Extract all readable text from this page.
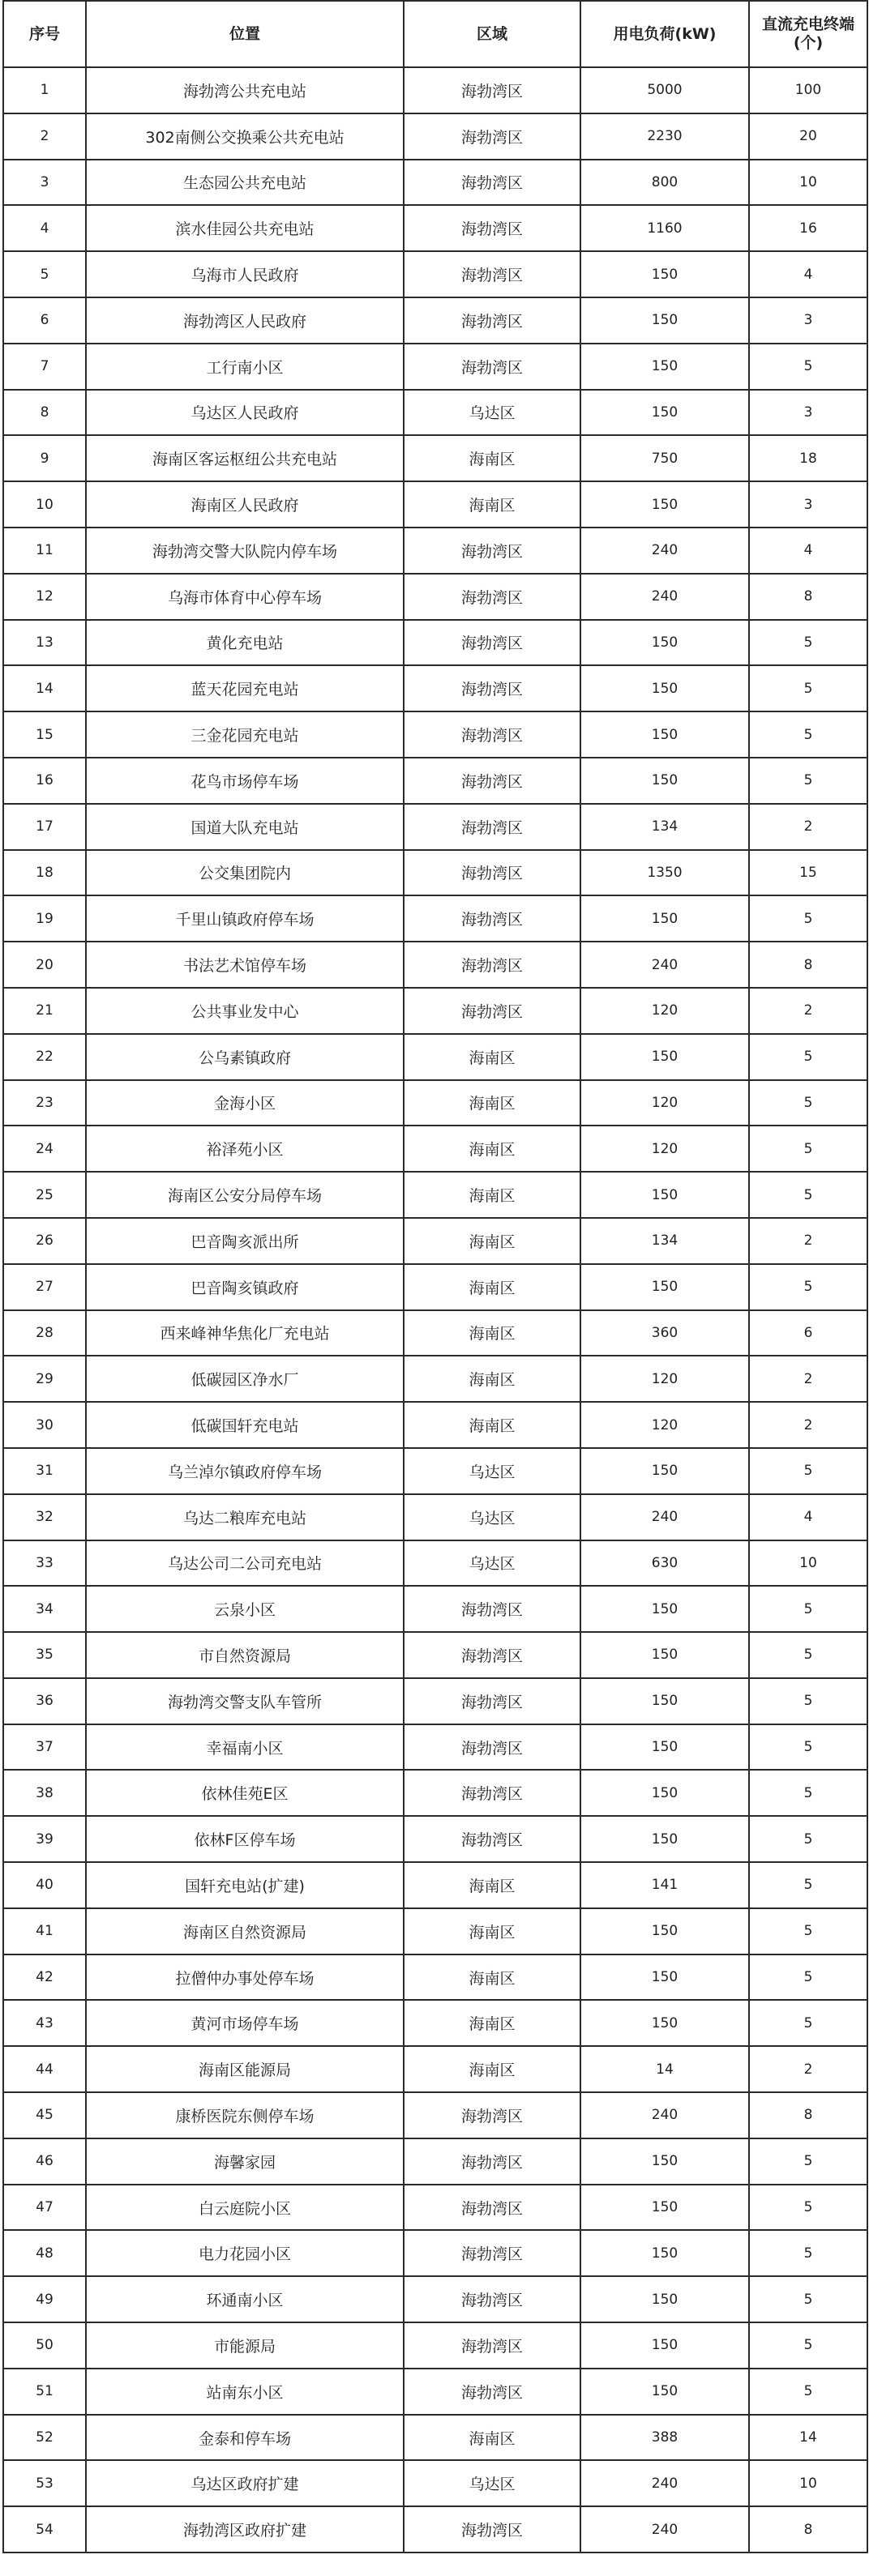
序号	位置	区域	用电负荷(kW)	直流充电终端(个)
1	海勃湾公共充电站	海勃湾区	5000	100
2	302南侧公交换乘公共充电站	海勃湾区	2230	20
3	生态园公共充电站	海勃湾区	800	10
4	滨水佳园公共充电站	海勃湾区	1160	16
5	乌海市人民政府	海勃湾区	150	4
6	海勃湾区人民政府	海勃湾区	150	3
7	工行南小区	海勃湾区	150	5
8	乌达区人民政府	乌达区	150	3
9	海南区客运枢纽公共充电站	海南区	750	18
10	海南区人民政府	海南区	150	3
11	海勃湾交警大队院内停车场	海勃湾区	240	4
12	乌海市体育中心停车场	海勃湾区	240	8
13	黄化充电站	海勃湾区	150	5
14	蓝天花园充电站	海勃湾区	150	5
15	三金花园充电站	海勃湾区	150	5
16	花鸟市场停车场	海勃湾区	150	5
17	国道大队充电站	海勃湾区	134	2
18	公交集团院内	海勃湾区	1350	15
19	千里山镇政府停车场	海勃湾区	150	5
20	书法艺术馆停车场	海勃湾区	240	8
21	公共事业发中心	海勃湾区	120	2
22	公乌素镇政府	海南区	150	5
23	金海小区	海南区	120	5
24	裕泽苑小区	海南区	120	5
25	海南区公安分局停车场	海南区	150	5
26	巴音陶亥派出所	海南区	134	2
27	巴音陶亥镇政府	海南区	150	5
28	西来峰神华焦化厂充电站	海南区	360	6
29	低碳园区净水厂	海南区	120	2
30	低碳国轩充电站	海南区	120	2
31	乌兰淖尔镇政府停车场	乌达区	150	5
32	乌达二粮库充电站	乌达区	240	4
33	乌达公司二公司充电站	乌达区	630	10
34	云泉小区	海勃湾区	150	5
35	市自然资源局	海勃湾区	150	5
36	海勃湾交警支队车管所	海勃湾区	150	5
37	幸福南小区	海勃湾区	150	5
38	依林佳苑E区	海勃湾区	150	5
39	依林F区停车场	海勃湾区	150	5
40	国轩充电站(扩建)	海南区	141	5
41	海南区自然资源局	海南区	150	5
42	拉僧仲办事处停车场	海南区	150	5
43	黄河市场停车场	海南区	150	5
44	海南区能源局	海南区	14	2
45	康桥医院东侧停车场	海勃湾区	240	8
46	海馨家园	海勃湾区	150	5
47	白云庭院小区	海勃湾区	150	5
48	电力花园小区	海勃湾区	150	5
49	环通南小区	海勃湾区	150	5
50	市能源局	海勃湾区	150	5
51	站南东小区	海勃湾区	150	5
52	金泰和停车场	海南区	388	14
53	乌达区政府扩建	乌达区	240	10
54	海勃湾区政府扩建	海勃湾区	240	8
